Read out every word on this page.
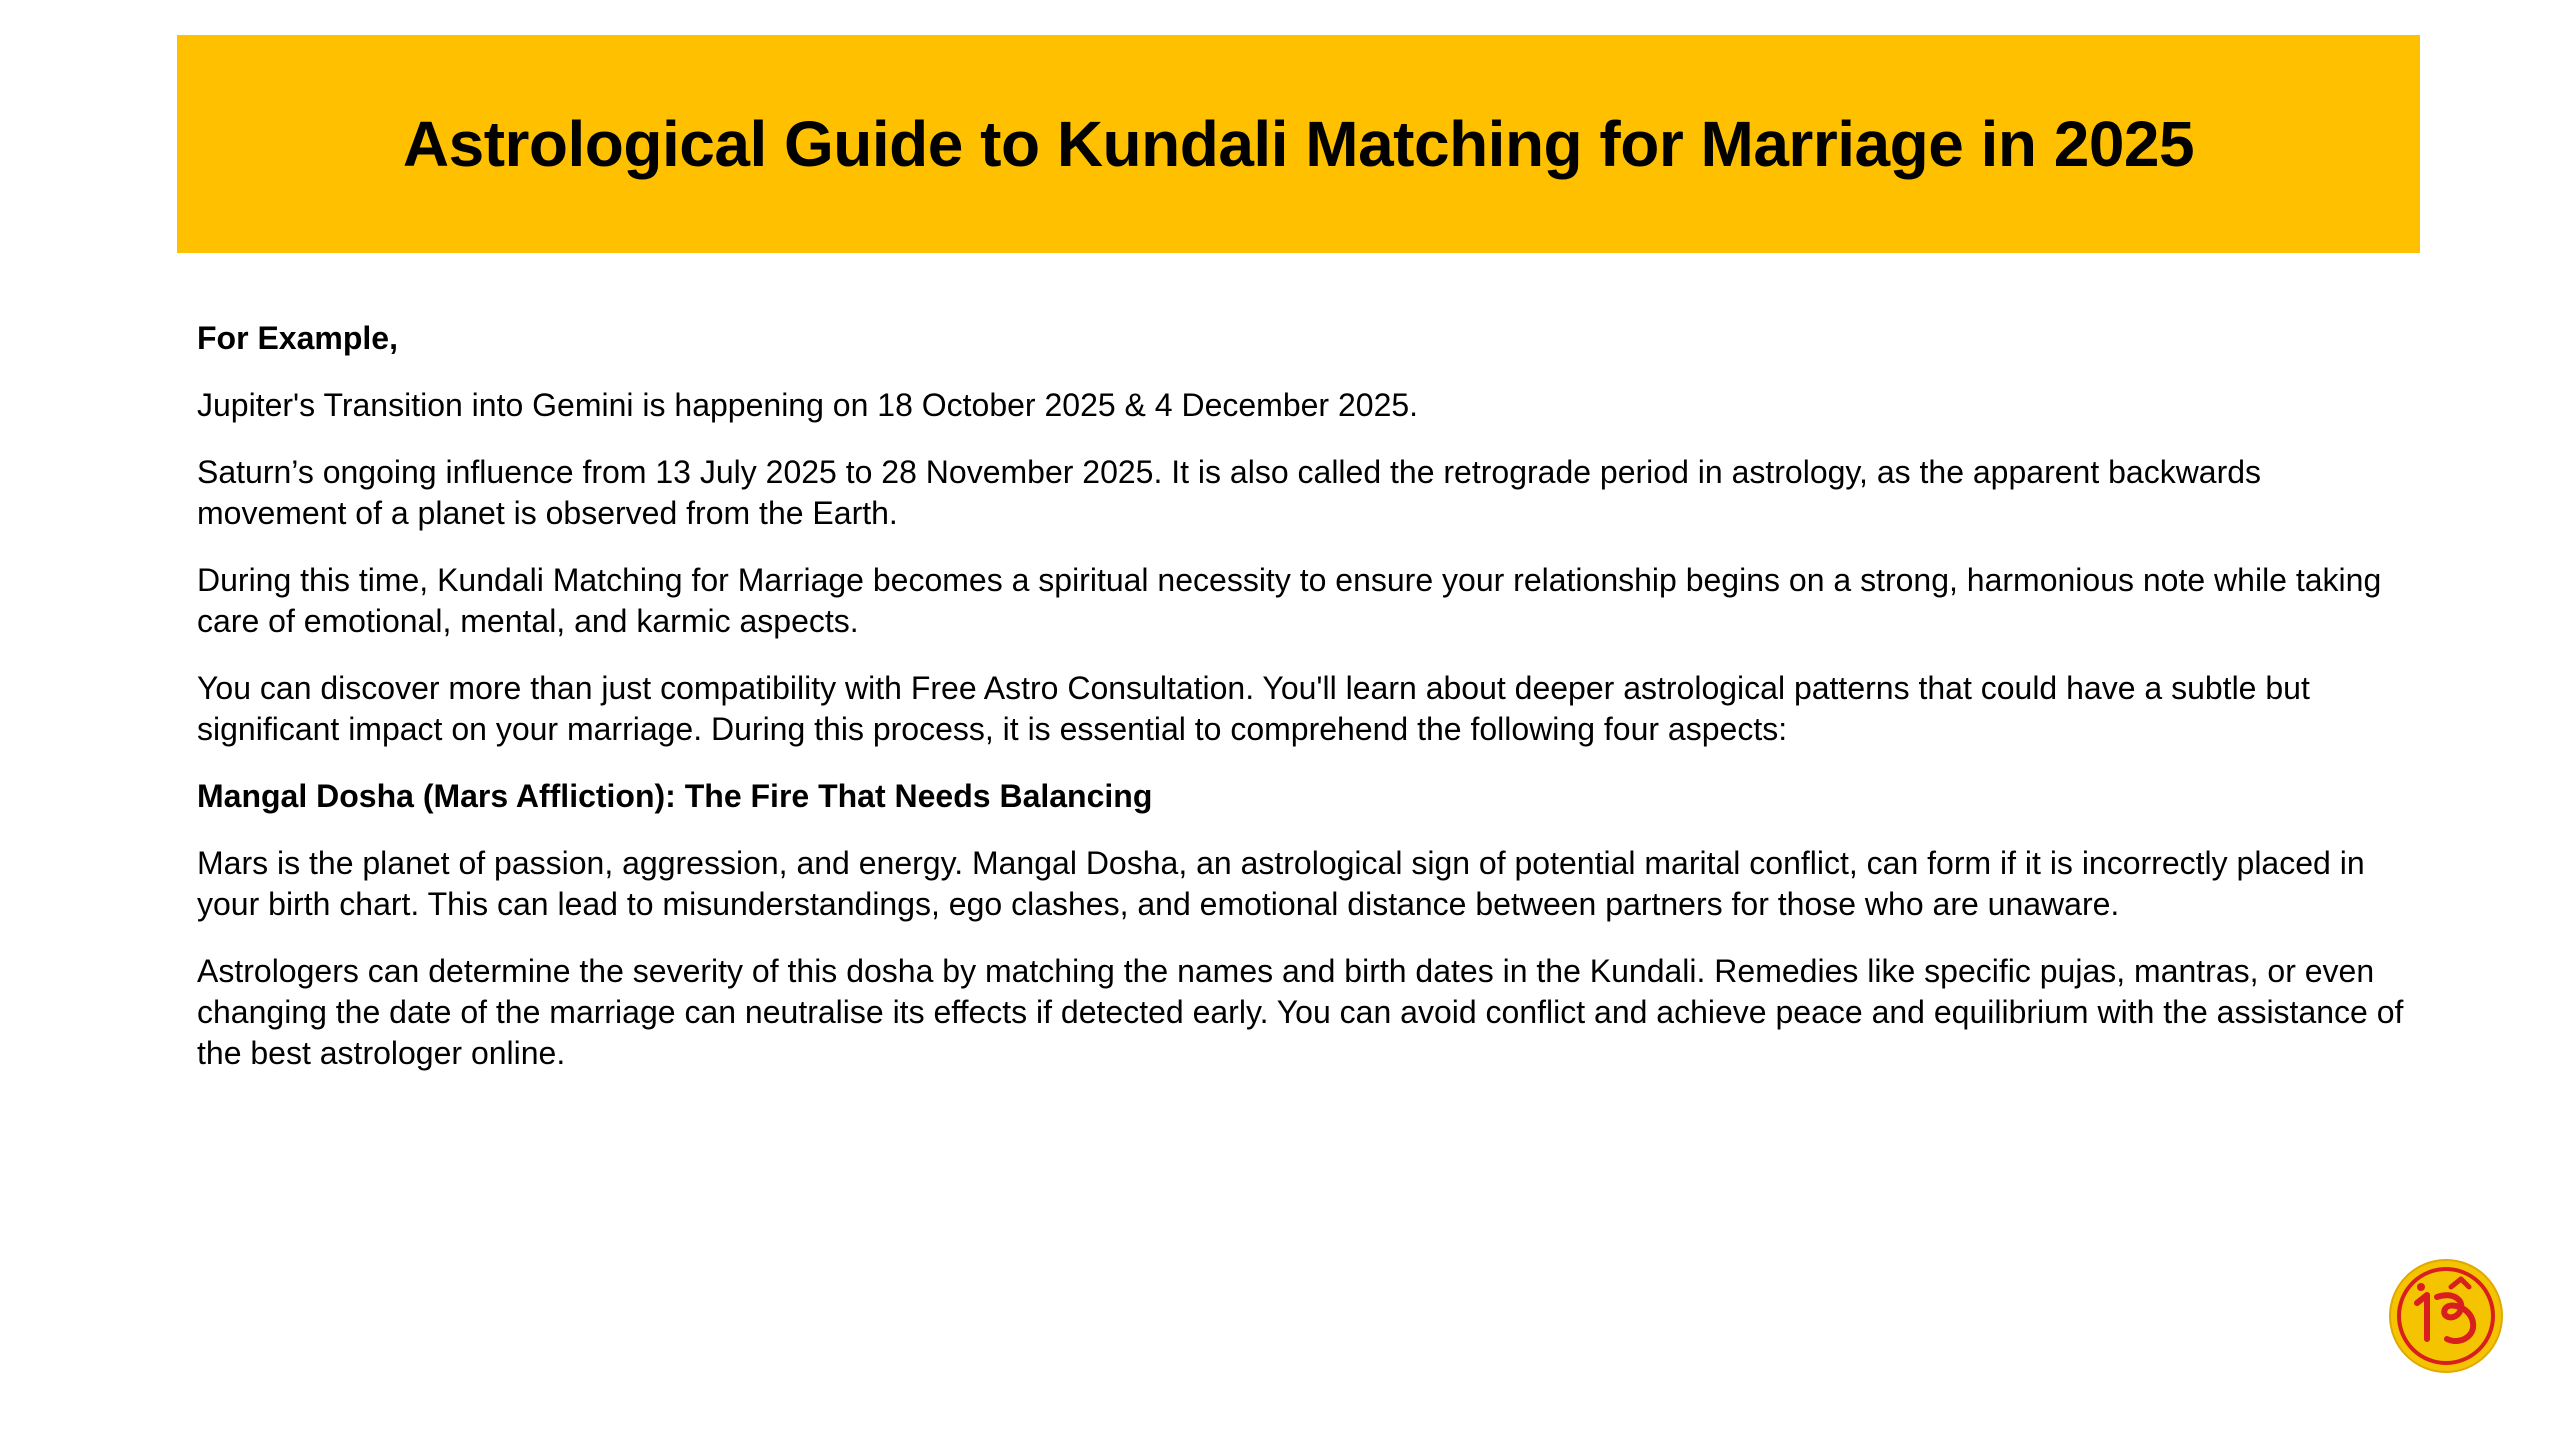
Astrological Guide to Kundali Matching for Marriage in 2025

For Example,

Jupiter's Transition into Gemini is happening on 18 October 2025 & 4 December 2025.

Saturn’s ongoing influence from 13 July 2025 to 28 November 2025. It is also called the retrograde period in astrology, as the apparent backwards movement of a planet is observed from the Earth.

During this time, Kundali Matching for Marriage becomes a spiritual necessity to ensure your relationship begins on a strong, harmonious note while taking care of emotional, mental, and karmic aspects.

You can discover more than just compatibility with Free Astro Consultation. You'll learn about deeper astrological patterns that could have a subtle but significant impact on your marriage. During this process, it is essential to comprehend the following four aspects:

Mangal Dosha (Mars Affliction): The Fire That Needs Balancing

Mars is the planet of passion, aggression, and energy. Mangal Dosha, an astrological sign of potential marital conflict, can form if it is incorrectly placed in your birth chart. This can lead to misunderstandings, ego clashes, and emotional distance between partners for those who are unaware.

Astrologers can determine the severity of this dosha by matching the names and birth dates in the Kundali. Remedies like specific pujas, mantras, or even changing the date of the marriage can neutralise its effects if detected early. You can avoid conflict and achieve peace and equilibrium with the assistance of the best astrologer online.
